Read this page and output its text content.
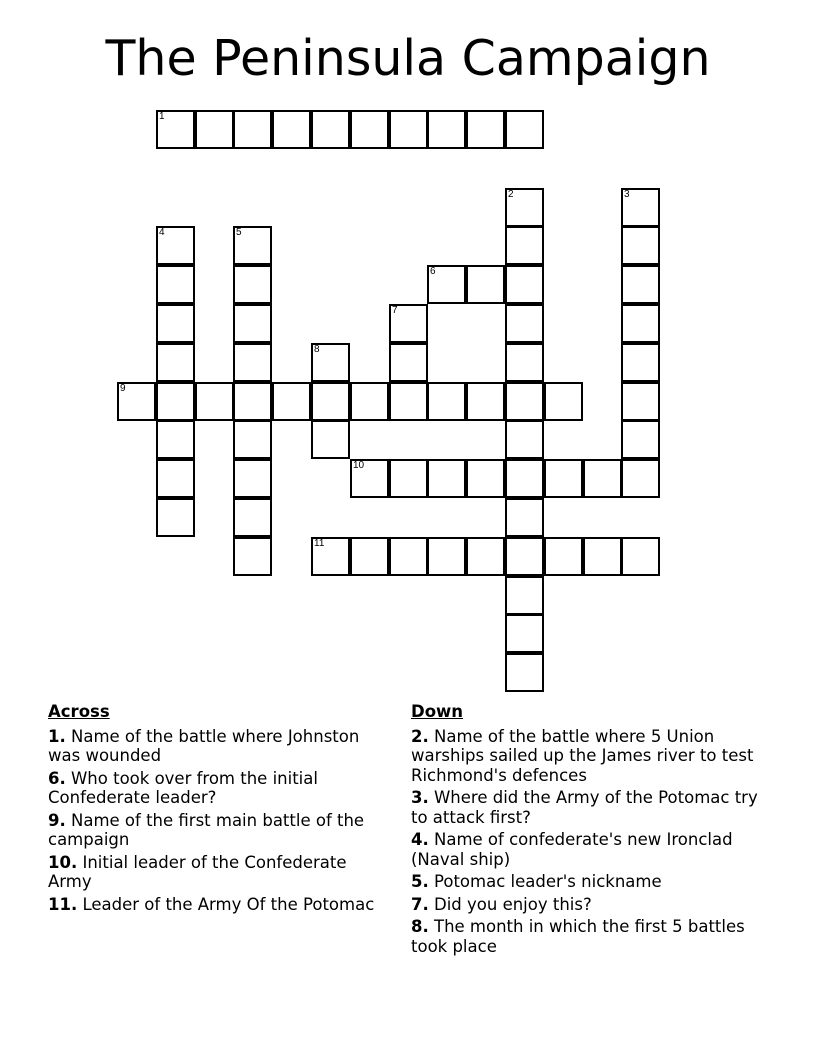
The Peninsula Campaign
1
2	3
4	5
6
7
8
9
10
11
Across
1. Name of the battle where Johnston was wounded
6. Who took over from the initial Confederate leader?
9. Name of the first main battle of the campaign
10. Initial leader of the Confederate Army
11. Leader of the Army Of the Potomac
Down
2. Name of the battle where 5 Union warships sailed up the James river to test Richmond's defences
3. Where did the Army of the Potomac try to attack first?
4. Name of confederate's new Ironclad (Naval ship)
5. Potomac leader's nickname
7. Did you enjoy this?
8. The month in which the first 5 battles took place
